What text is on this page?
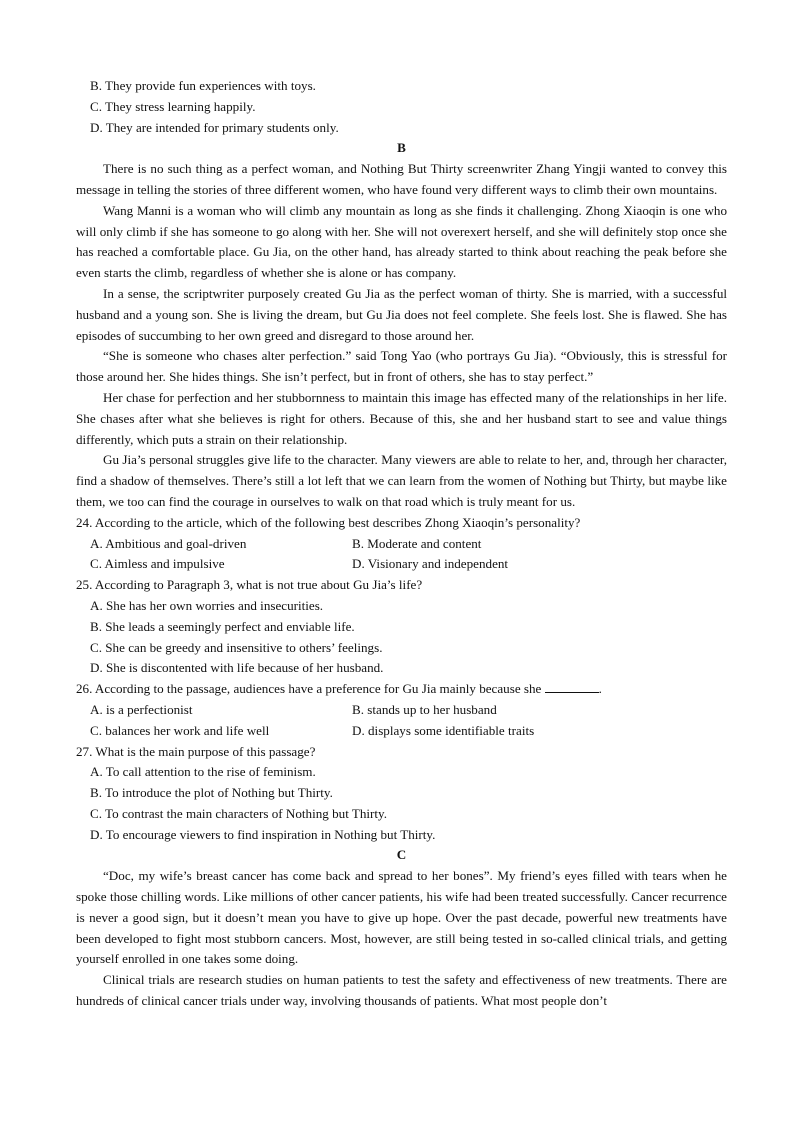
B. They provide fun experiences with toys.
C. They stress learning happily.
D. They are intended for primary students only.
B

There is no such thing as a perfect woman, and Nothing But Thirty screenwriter Zhang Yingji wanted to convey this message in telling the stories of three different women, who have found very different ways to climb their own mountains.

Wang Manni is a woman who will climb any mountain as long as she finds it challenging. Zhong Xiaoqin is one who will only climb if she has someone to go along with her. She will not overexert herself, and she will definitely stop once she has reached a comfortable place. Gu Jia, on the other hand, has already started to think about reaching the peak before she even starts the climb, regardless of whether she is alone or has company.

In a sense, the scriptwriter purposely created Gu Jia as the perfect woman of thirty. She is married, with a successful husband and a young son. She is living the dream, but Gu Jia does not feel complete. She feels lost. She is flawed. She has episodes of succumbing to her own greed and disregard to those around her.

“She is someone who chases alter perfection.” said Tong Yao (who portrays Gu Jia). “Obviously, this is stressful for those around her. She hides things. She isn’t perfect, but in front of others, she has to stay perfect.”

Her chase for perfection and her stubbornness to maintain this image has effected many of the relationships in her life. She chases after what she believes is right for others. Because of this, she and her husband start to see and value things differently, which puts a strain on their relationship.

Gu Jia’s personal struggles give life to the character. Many viewers are able to relate to her, and, through her character, find a shadow of themselves. There’s still a lot left that we can learn from the women of Nothing but Thirty, but maybe like them, we too can find the courage in ourselves to walk on that road which is truly meant for us.

24. According to the article, which of the following best describes Zhong Xiaoqin’s personality?
A. Ambitious and goal-driven	B. Moderate and content
C. Aimless and impulsive	D. Visionary and independent
25. According to Paragraph 3, what is not true about Gu Jia’s life?
A. She has her own worries and insecurities.
B. She leads a seemingly perfect and enviable life.
C. She can be greedy and insensitive to others’ feelings.
D. She is discontented with life because of her husband.
26. According to the passage, audiences have a preference for Gu Jia mainly because she	.
A. is a perfectionist	B. stands up to her husband
C. balances her work and life well	D. displays some identifiable traits
27. What is the main purpose of this passage?
A. To call attention to the rise of feminism.
B. To introduce the plot of Nothing but Thirty.
C. To contrast the main characters of Nothing but Thirty.
D. To encourage viewers to find inspiration in Nothing but Thirty.
C

“Doc, my wife’s breast cancer has come back and spread to her bones”. My friend’s eyes filled with tears when he spoke those chilling words. Like millions of other cancer patients, his wife had been treated successfully. Cancer recurrence is never a good sign, but it doesn’t mean you have to give up hope. Over the past decade, powerful new treatments have been developed to fight most stubborn cancers. Most, however, are still being tested in so-called clinical trials, and getting yourself enrolled in one takes some doing.

Clinical trials are research studies on human patients to test the safety and effectiveness of new treatments. There are hundreds of clinical cancer trials under way, involving thousands of patients. What most people don’t
